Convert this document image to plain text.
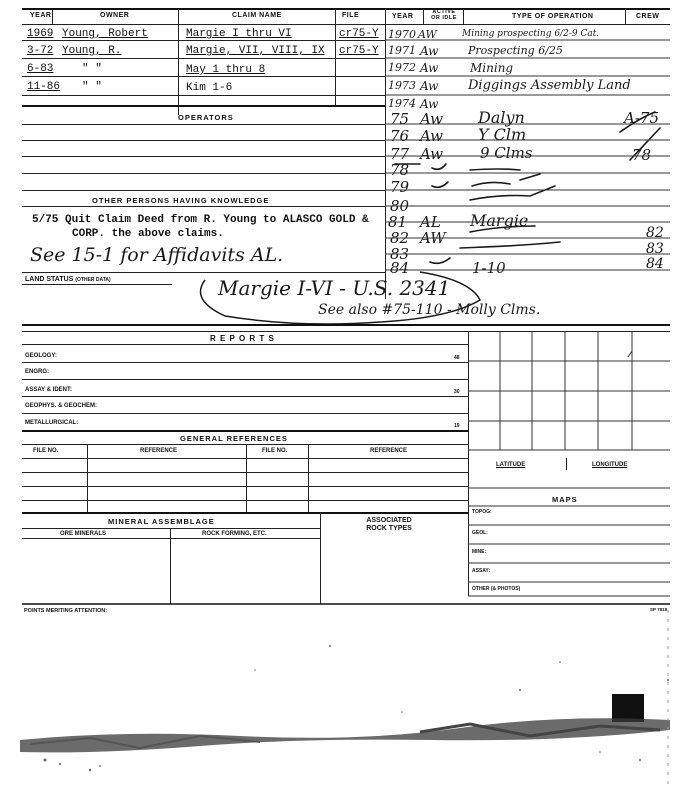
YEAR	OWNER	CLAIM NAME	FILE
1969 Young, Robert	Margie I thru VI	cr75-Y
3-72 Young, R.	Margie, VII, VIII, IX cr75-Y
6-83	" "	May 1 thru 8
11-86 " "	Kim 1-6
OPERATORS
OTHER PERSONS HAVING KNOWLEDGE
5/75 Quit Claim Deed from R. Young to ALASCO GOLD &
CORP. the above claims.
See 15-1 for Affidavits AL.
YEAR
ACTIVE OR IDLE	TYPE OF OPERATION	CREW
1970 AW	Mining prospecting 6/2-9 Cat.
1971 Aw	Prospecting 6/25
1972 Aw	Mining
1973 Aw Diggings Assembly Land
1974 Aw
75 Aw Dalyn	A-75
76 Aw Y Clm
77 Aw 9 Clms	78
78
79
80
81 AL Margie
82 AW	82
83	83
84	1-10	84
LAND STATUS (OTHER DATA)	Margie I-VI - U.S. 2341
See also #75-110 - Molly Clms.
R E P O R T S
GEOLOGY:	48
ENGRG:
ASSAY & IDENT:	30
GEOPHYS. & GEOCHEM:
METALLURGICAL:	19
GENERAL REFERENCES
FILE NO.	REFERENCE	FILE NO.	REFERENCE
MINERAL ASSEMBLAGE
ORE MINERALS	ROCK FORMING, ETC.
ASSOCIATED ROCK TYPES
LATITUDE	LONGITUDE
MAPS
TOPOG:
GEOL:
MINE:
ASSAY:
OTHER (& PHOTOS)
POINTS MERITING ATTENTION:	SP 7818
